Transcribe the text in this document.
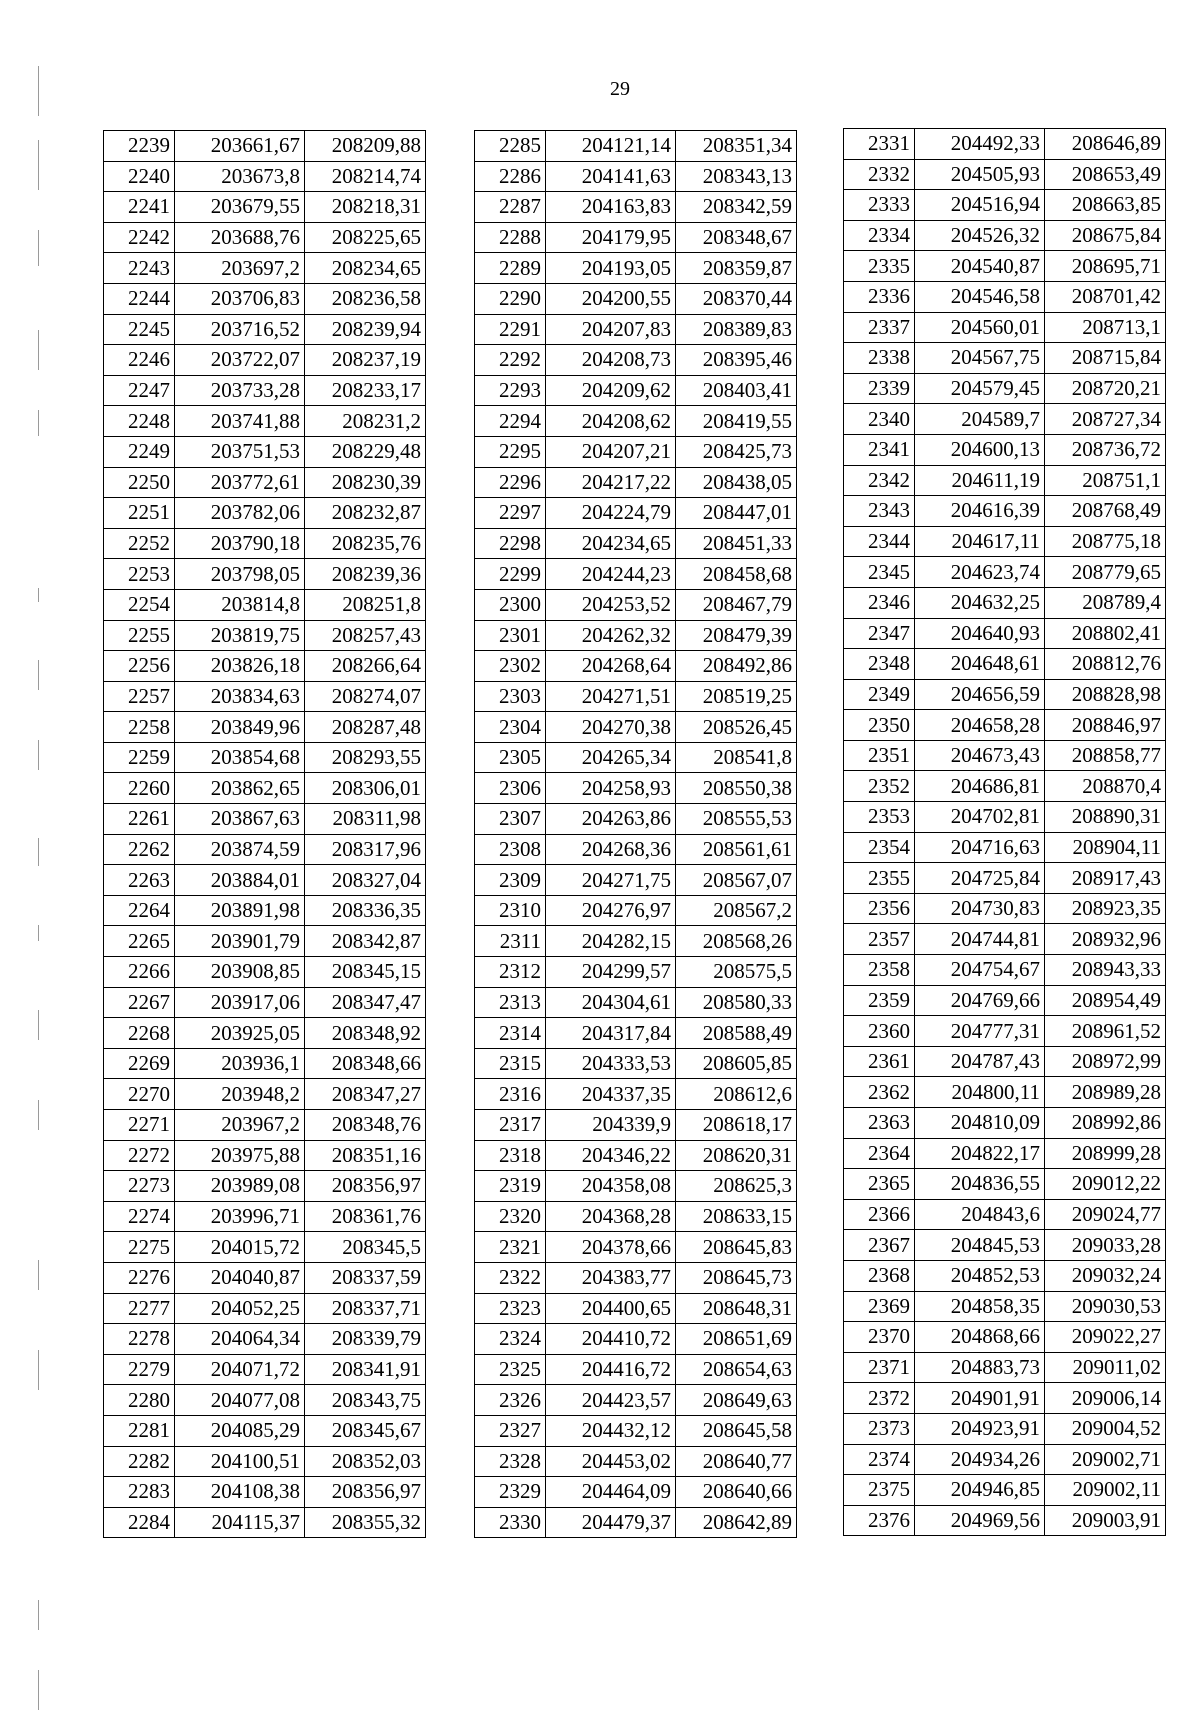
29
2239	203661,67	208209,88
2240	203673,8	208214,74
2241	203679,55	208218,31
2242	203688,76	208225,65
2243	203697,2	208234,65
2244	203706,83	208236,58
2245	203716,52	208239,94
2246	203722,07	208237,19
2247	203733,28	208233,17
2248	203741,88	208231,2
2249	203751,53	208229,48
2250	203772,61	208230,39
2251	203782,06	208232,87
2252	203790,18	208235,76
2253	203798,05	208239,36
2254	203814,8	208251,8
2255	203819,75	208257,43
2256	203826,18	208266,64
2257	203834,63	208274,07
2258	203849,96	208287,48
2259	203854,68	208293,55
2260	203862,65	208306,01
2261	203867,63	208311,98
2262	203874,59	208317,96
2263	203884,01	208327,04
2264	203891,98	208336,35
2265	203901,79	208342,87
2266	203908,85	208345,15
2267	203917,06	208347,47
2268	203925,05	208348,92
2269	203936,1	208348,66
2270	203948,2	208347,27
2271	203967,2	208348,76
2272	203975,88	208351,16
2273	203989,08	208356,97
2274	203996,71	208361,76
2275	204015,72	208345,5
2276	204040,87	208337,59
2277	204052,25	208337,71
2278	204064,34	208339,79
2279	204071,72	208341,91
2280	204077,08	208343,75
2281	204085,29	208345,67
2282	204100,51	208352,03
2283	204108,38	208356,97
2284	204115,37	208355,32
2285	204121,14	208351,34
2286	204141,63	208343,13
2287	204163,83	208342,59
2288	204179,95	208348,67
2289	204193,05	208359,87
2290	204200,55	208370,44
2291	204207,83	208389,83
2292	204208,73	208395,46
2293	204209,62	208403,41
2294	204208,62	208419,55
2295	204207,21	208425,73
2296	204217,22	208438,05
2297	204224,79	208447,01
2298	204234,65	208451,33
2299	204244,23	208458,68
2300	204253,52	208467,79
2301	204262,32	208479,39
2302	204268,64	208492,86
2303	204271,51	208519,25
2304	204270,38	208526,45
2305	204265,34	208541,8
2306	204258,93	208550,38
2307	204263,86	208555,53
2308	204268,36	208561,61
2309	204271,75	208567,07
2310	204276,97	208567,2
2311	204282,15	208568,26
2312	204299,57	208575,5
2313	204304,61	208580,33
2314	204317,84	208588,49
2315	204333,53	208605,85
2316	204337,35	208612,6
2317	204339,9	208618,17
2318	204346,22	208620,31
2319	204358,08	208625,3
2320	204368,28	208633,15
2321	204378,66	208645,83
2322	204383,77	208645,73
2323	204400,65	208648,31
2324	204410,72	208651,69
2325	204416,72	208654,63
2326	204423,57	208649,63
2327	204432,12	208645,58
2328	204453,02	208640,77
2329	204464,09	208640,66
2330	204479,37	208642,89
2331	204492,33	208646,89
2332	204505,93	208653,49
2333	204516,94	208663,85
2334	204526,32	208675,84
2335	204540,87	208695,71
2336	204546,58	208701,42
2337	204560,01	208713,1
2338	204567,75	208715,84
2339	204579,45	208720,21
2340	204589,7	208727,34
2341	204600,13	208736,72
2342	204611,19	208751,1
2343	204616,39	208768,49
2344	204617,11	208775,18
2345	204623,74	208779,65
2346	204632,25	208789,4
2347	204640,93	208802,41
2348	204648,61	208812,76
2349	204656,59	208828,98
2350	204658,28	208846,97
2351	204673,43	208858,77
2352	204686,81	208870,4
2353	204702,81	208890,31
2354	204716,63	208904,11
2355	204725,84	208917,43
2356	204730,83	208923,35
2357	204744,81	208932,96
2358	204754,67	208943,33
2359	204769,66	208954,49
2360	204777,31	208961,52
2361	204787,43	208972,99
2362	204800,11	208989,28
2363	204810,09	208992,86
2364	204822,17	208999,28
2365	204836,55	209012,22
2366	204843,6	209024,77
2367	204845,53	209033,28
2368	204852,53	209032,24
2369	204858,35	209030,53
2370	204868,66	209022,27
2371	204883,73	209011,02
2372	204901,91	209006,14
2373	204923,91	209004,52
2374	204934,26	209002,71
2375	204946,85	209002,11
2376	204969,56	209003,91
